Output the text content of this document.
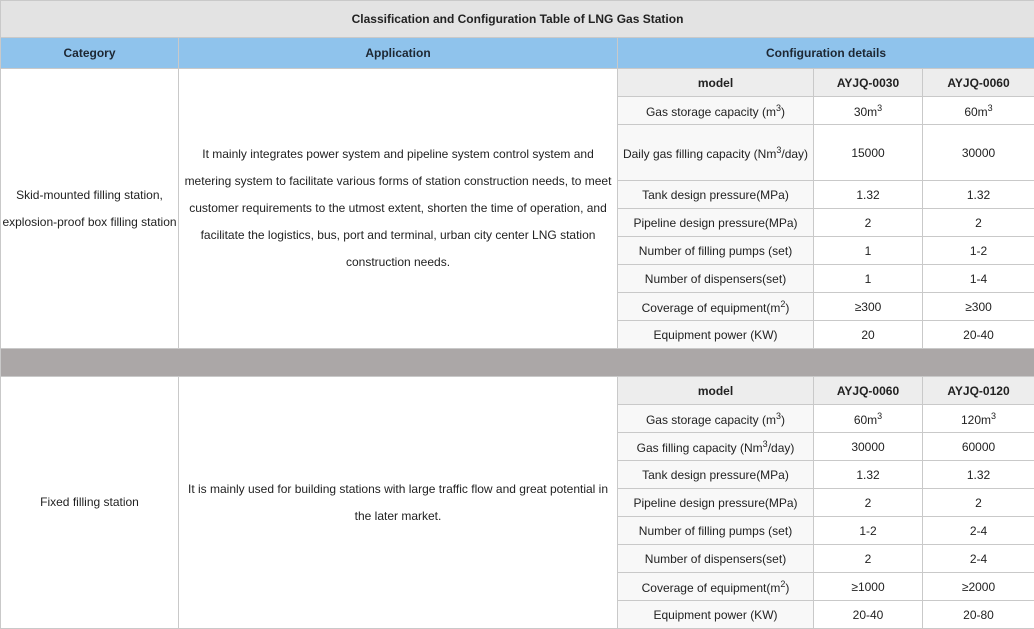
Classification and Configuration Table of LNG Gas Station				
Category	Application	Configuration details		
Skid-mounted filling station, explosion-proof box filling station	It mainly integrates power system and pipeline system control system and metering system to facilitate various forms of station construction needs, to meet customer requirements to the utmost extent, shorten the time of operation, and facilitate the logistics, bus, port and terminal, urban city center LNG station construction needs.	model	AYJQ-0030	AYJQ-0060
		Gas storage capacity $(m^3)$	$30m^3$	$60m^3$
		Daily gas filling capacity (Nm$^3$/day)	15000	30000
		Tank design pressure(MPa)	1.32	1.32
		Pipeline design pressure(MPa)	2	2
		Number of filling pumps (set)	1	1-2
		Number of dispensers(set)	1	1-4
		Coverage of $equipment(m^2)$	≥300	≥300
		Equipment power (KW)	20	20-40

Fixed filling station	It is mainly used for building stations with large traffic flow and great potential in the later market.	model	AYJQ-0060	AYJQ-0120
		Gas storage capacity $(m^3)$	$60m^3$	$120m^3$
		Gas filling capacity (Nm$^3$/day)	30000	60000
		Tank design pressure(MPa)	1.32	1.32
		Pipeline design pressure(MPa)	2	2
		Number of filling pumps (set)	1-2	2-4
		Number of dispensers(set)	2	2-4
		Coverage of $equipment(m^2)$	≥1000	≥2000
		Equipment power (KW)	20-40	20-80
